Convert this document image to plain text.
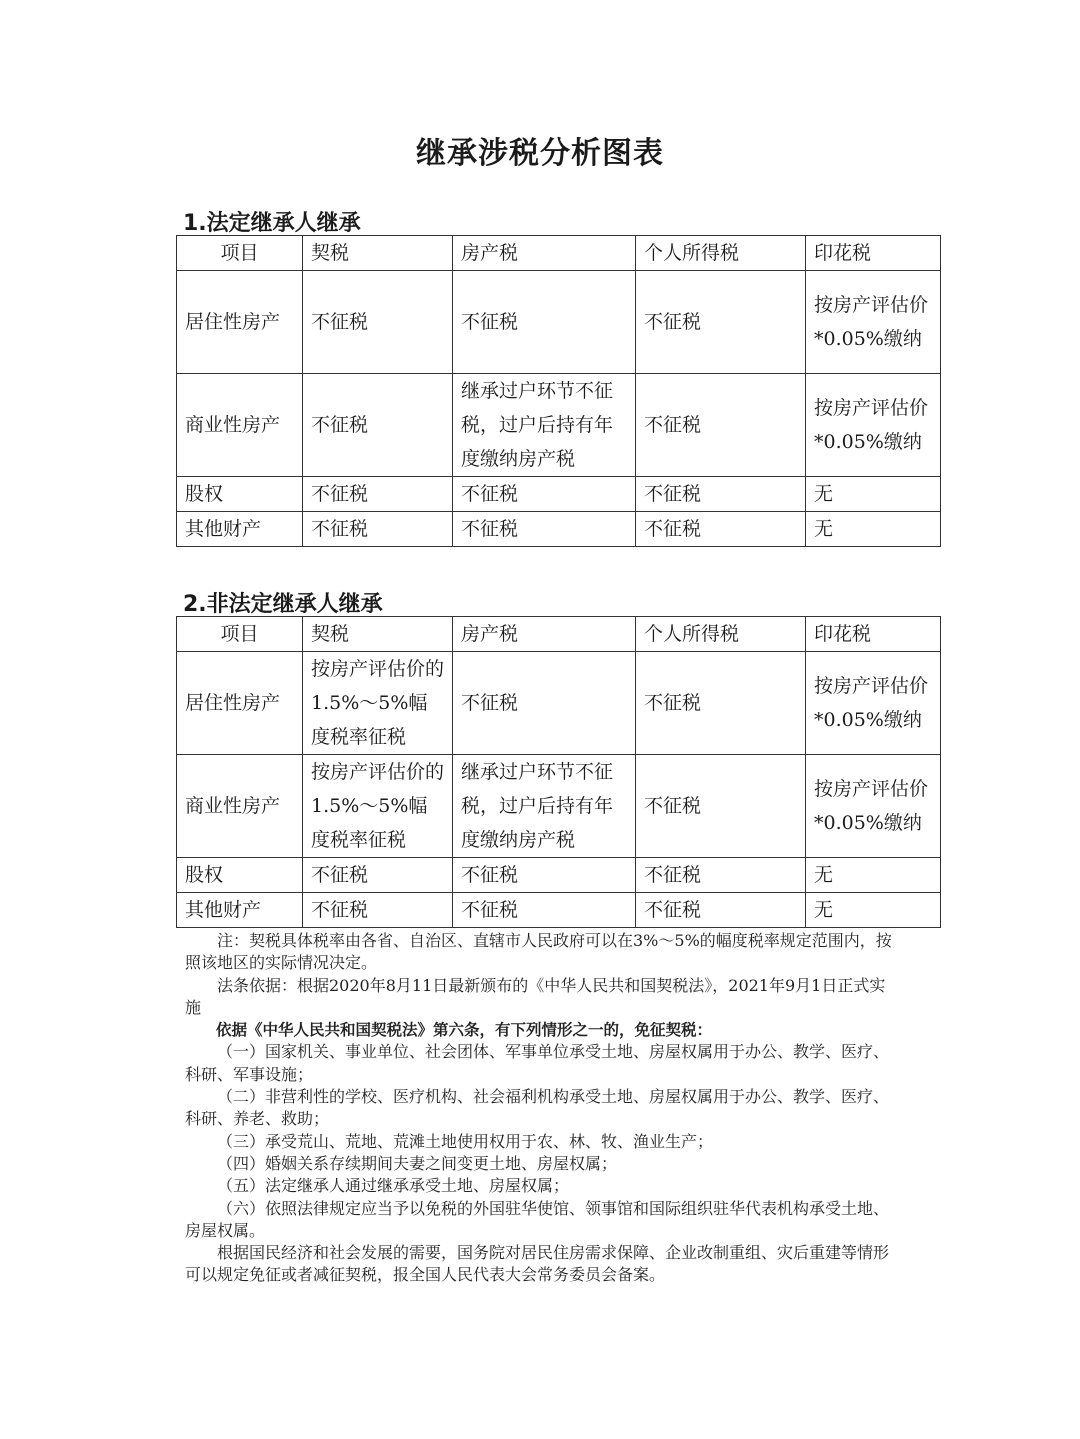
继承涉税分析图表
1.法定继承人继承
项目	契税	房产税	个人所得税	印花税
居住性房产	不征税	不征税	不征税	按房产评估价*0.05%缴纳
商业性房产	不征税	继承过户环节不征税，过户后持有年度缴纳房产税	不征税	按房产评估价*0.05%缴纳
股权	不征税	不征税	不征税	无
其他财产	不征税	不征税	不征税	无
2.非法定继承人继承
项目	契税	房产税	个人所得税	印花税
居住性房产	按房产评估价的1.5%～5%幅度税率征税	不征税	不征税	按房产评估价*0.05%缴纳
商业性房产	按房产评估价的1.5%～5%幅度税率征税	继承过户环节不征税，过户后持有年度缴纳房产税	不征税	按房产评估价*0.05%缴纳
股权	不征税	不征税	不征税	无
其他财产	不征税	不征税	不征税	无

注：契税具体税率由各省、自治区、直辖市人民政府可以在3%～5%的幅度税率规定范围内，按照该地区的实际情况决定。

法条依据：根据2020年8月11日最新颁布的《中华人民共和国契税法》，2021年9月1日正式实施

依据《中华人民共和国契税法》第六条，有下列情形之一的，免征契税：

（一）国家机关、事业单位、社会团体、军事单位承受土地、房屋权属用于办公、教学、医疗、科研、军事设施；

（二）非营利性的学校、医疗机构、社会福利机构承受土地、房屋权属用于办公、教学、医疗、科研、养老、救助；

（三）承受荒山、荒地、荒滩土地使用权用于农、林、牧、渔业生产；

（四）婚姻关系存续期间夫妻之间变更土地、房屋权属；

（五）法定继承人通过继承承受土地、房屋权属；

（六）依照法律规定应当予以免税的外国驻华使馆、领事馆和国际组织驻华代表机构承受土地、房屋权属。

根据国民经济和社会发展的需要，国务院对居民住房需求保障、企业改制重组、灾后重建等情形可以规定免征或者减征契税，报全国人民代表大会常务委员会备案。
